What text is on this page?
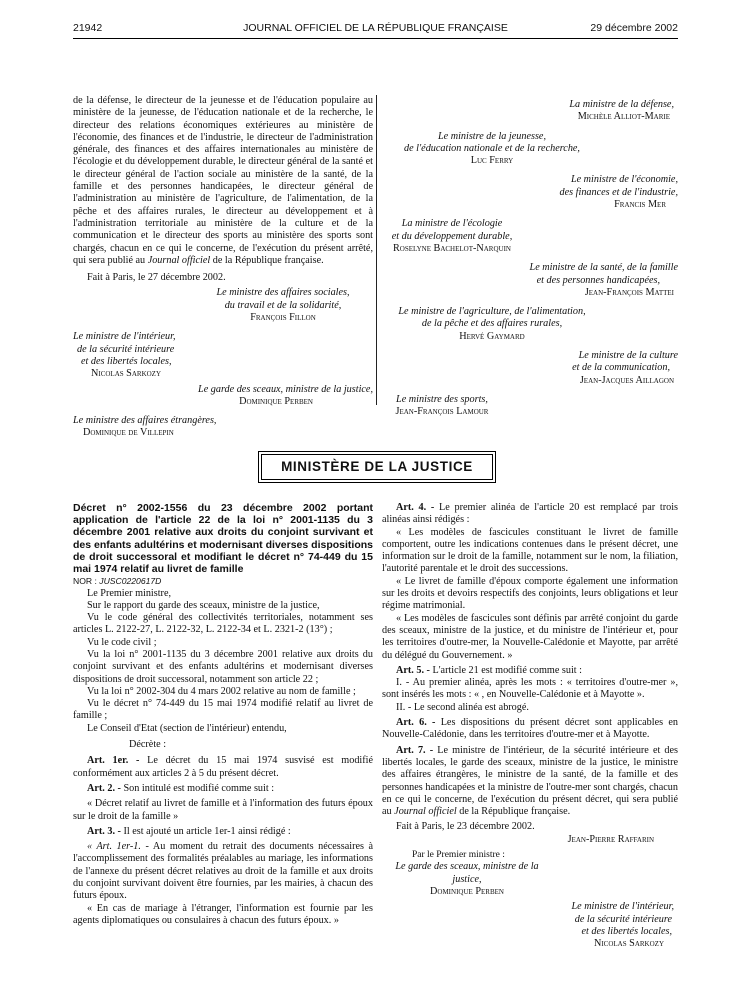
21942	JOURNAL OFFICIEL DE LA RÉPUBLIQUE FRANÇAISE	29 décembre 2002

de la défense, le directeur de la jeunesse et de l'éducation populaire au ministère de la jeunesse, de l'éducation nationale et de la recherche, le directeur des relations économiques extérieures au ministère de l'économie, des finances et de l'industrie, le directeur de l'administration générale, des finances et des affaires internationales au ministère de l'écologie et du développement durable, le directeur général de la santé et le directeur général de l'action sociale au ministère de la santé, de la famille et des personnes handicapées, le directeur général de l'administration au ministère de l'agriculture, de l'alimentation, de la pêche et des affaires rurales, le directeur au développement et à l'administration territoriale au ministère de la culture et de la communication et le directeur des sports au ministère des sports sont chargés, chacun en ce qui le concerne, de l'exécution du présent arrêté, qui sera publié au Journal officiel de la République française.

Fait à Paris, le 27 décembre 2002.

Le ministre des affaires sociales,
du travail et de la solidarité,
François Fillon
Le ministre de l'intérieur,
de la sécurité intérieure
et des libertés locales,
Nicolas Sarkozy
Le garde des sceaux, ministre de la justice,
Dominique Perben
Le ministre des affaires étrangères,
Dominique de Villepin
La ministre de la défense,
Michèle Alliot-Marie
Le ministre de la jeunesse,
de l'éducation nationale et de la recherche,
Luc Ferry
Le ministre de l'économie,
des finances et de l'industrie,
Francis Mer
La ministre de l'écologie
et du développement durable,
Roselyne Bachelot-Narquin
Le ministre de la santé, de la famille
et des personnes handicapées,
Jean-François Mattei
Le ministre de l'agriculture, de l'alimentation,
de la pêche et des affaires rurales,
Hervé Gaymard
Le ministre de la culture
et de la communication,
Jean-Jacques Aillagon
Le ministre des sports,
Jean-François Lamour
MINISTÈRE DE LA JUSTICE

Décret n° 2002-1556 du 23 décembre 2002 portant application de l'article 22 de la loi n° 2001-1135 du 3 décembre 2001 relative aux droits du conjoint survivant et des enfants adultérins et modernisant diverses dispositions de droit successoral et modifiant le décret n° 74-449 du 15 mai 1974 relatif au livret de famille

NOR : JUSC0220617D

Le Premier ministre,

Sur le rapport du garde des sceaux, ministre de la justice,

Vu le code général des collectivités territoriales, notamment ses articles L. 2122-27, L. 2122-32, L. 2122-34 et L. 2321-2 (13°) ;

Vu le code civil ;

Vu la loi n° 2001-1135 du 3 décembre 2001 relative aux droits du conjoint survivant et des enfants adultérins et modernisant diverses dispositions de droit successoral, notamment son article 22 ;

Vu la loi n° 2002-304 du 4 mars 2002 relative au nom de famille ;

Vu le décret n° 74-449 du 15 mai 1974 modifié relatif au livret de famille ;

Le Conseil d'Etat (section de l'intérieur) entendu,

Décrète :

Art. 1er. - Le décret du 15 mai 1974 susvisé est modifié conformément aux articles 2 à 5 du présent décret.

Art. 2. - Son intitulé est modifié comme suit :

« Décret relatif au livret de famille et à l'information des futurs époux sur le droit de la famille »

Art. 3. - Il est ajouté un article 1er-1 ainsi rédigé :

« Art. 1er-1. - Au moment du retrait des documents nécessaires à l'accomplissement des formalités préalables au mariage, les informations de l'annexe du présent décret relatives au droit de la famille et aux droits du conjoint survivant doivent être fournies, par les mairies, à chacun des futurs époux.

« En cas de mariage à l'étranger, l'information est fournie par les agents diplomatiques ou consulaires à chacun des futurs époux. »

Art. 4. - Le premier alinéa de l'article 20 est remplacé par trois alinéas ainsi rédigés :

« Les modèles de fascicules constituant le livret de famille comportent, outre les indications contenues dans le présent décret, une information sur le droit de la famille, notamment sur le nom, la filiation, l'autorité parentale et le droit des successions.

« Le livret de famille d'époux comporte également une information sur les droits et devoirs respectifs des conjoints, leurs obligations et leur régime matrimonial.

« Les modèles de fascicules sont définis par arrêté conjoint du garde des sceaux, ministre de la justice, et du ministre de l'intérieur et, pour les territoires d'outre-mer, la Nouvelle-Calédonie et Mayotte, par arrêté du délégué du Gouvernement. »

Art. 5. - L'article 21 est modifié comme suit :

I. - Au premier alinéa, après les mots : « territoires d'outre-mer », sont insérés les mots : « , en Nouvelle-Calédonie et à Mayotte ».

II. - Le second alinéa est abrogé.

Art. 6. - Les dispositions du présent décret sont applicables en Nouvelle-Calédonie, dans les territoires d'outre-mer et à Mayotte.

Art. 7. - Le ministre de l'intérieur, de la sécurité intérieure et des libertés locales, le garde des sceaux, ministre de la justice, le ministre des affaires étrangères, le ministre de la santé, de la famille et des personnes handicapées et la ministre de l'outre-mer sont chargés, chacun en ce qui le concerne, de l'exécution du présent décret, qui sera publié au Journal officiel de la République française.

Fait à Paris, le 23 décembre 2002.

Jean-Pierre Raffarin
Par le Premier ministre :
Le garde des sceaux, ministre de la justice,
Dominique Perben
Le ministre de l'intérieur,
de la sécurité intérieure
et des libertés locales,
Nicolas Sarkozy
